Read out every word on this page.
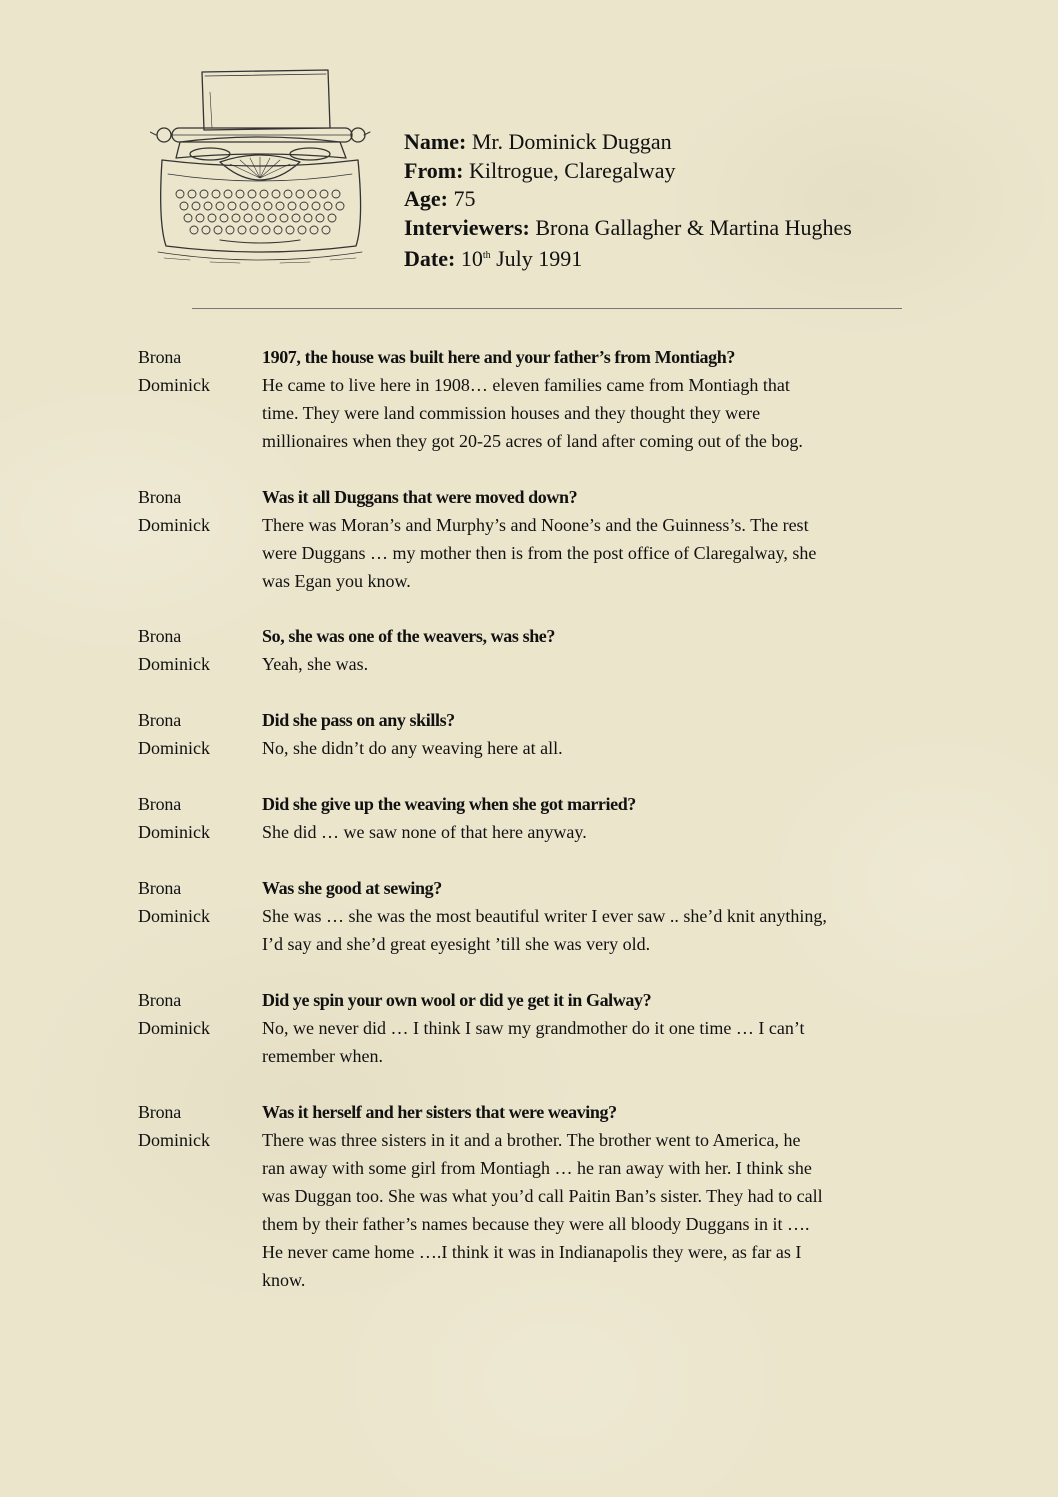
Name: Mr. Dominick Duggan
From: Kiltrogue, Claregalway
Age: 75
Interviewers: Brona Gallagher & Martina Hughes
Date: 10th July 1991
Brona	1907, the house was built here and your father’s from Montiagh?
Dominick	He came to live here in 1908… eleven families came from Montiagh that
time. They were land commission houses and they thought they were
millionaires when they got 20-25 acres of land after coming out of the bog.
Brona	Was it all Duggans that were moved down?
Dominick	There was Moran’s and Murphy’s and Noone’s and the Guinness’s. The rest
were Duggans … my mother then is from the post office of Claregalway, she
was Egan you know.
Brona	So, she was one of the weavers, was she?
Dominick	Yeah, she was.
Brona	Did she pass on any skills?
Dominick	No, she didn’t do any weaving here at all.
Brona	Did she give up the weaving when she got married?
Dominick	She did … we saw none of that here anyway.
Brona	Was she good at sewing?
Dominick	She was … she was the most beautiful writer I ever saw .. she’d knit anything,
I’d say and she’d great eyesight ’till she was very old.
Brona	Did ye spin your own wool or did ye get it in Galway?
Dominick	No, we never did … I think I saw my grandmother do it one time … I can’t
remember when.
Brona	Was it herself and her sisters that were weaving?
Dominick	There was three sisters in it and a brother. The brother went to America, he
ran away with some girl from Montiagh … he ran away with her. I think she
was Duggan too. She was what you’d call Paitin Ban’s sister. They had to call
them by their father’s names because they were all bloody Duggans in it ….
He never came home ….I think it was in Indianapolis they were, as far as I
know.
